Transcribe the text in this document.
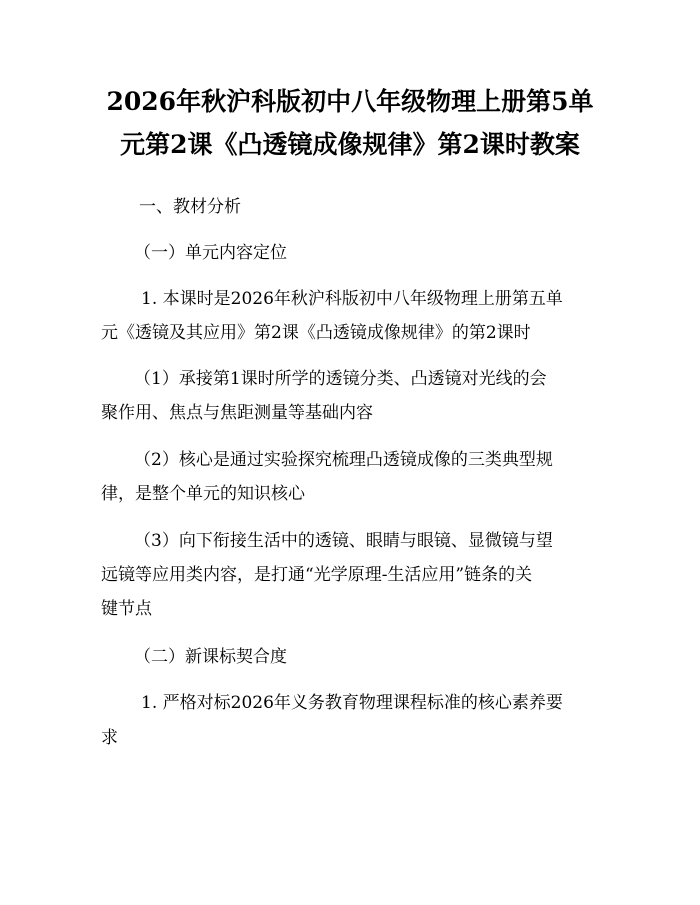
2026年秋沪科版初中八年级物理上册第5单
元第2课《凸透镜成像规律》第2课时教案
一、教材分析
（一）单元内容定位
1. 本课时是2026年秋沪科版初中八年级物理上册第五单
元《透镜及其应用》第2课《凸透镜成像规律》的第2课时
（1）承接第1课时所学的透镜分类、凸透镜对光线的会
聚作用、焦点与焦距测量等基础内容
（2）核心是通过实验探究梳理凸透镜成像的三类典型规
律，是整个单元的知识核心
（3）向下衔接生活中的透镜、眼睛与眼镜、显微镜与望
远镜等应用类内容，是打通“光学原理-生活应用”链条的关
键节点
（二）新课标契合度
1. 严格对标2026年义务教育物理课程标准的核心素养要
求
